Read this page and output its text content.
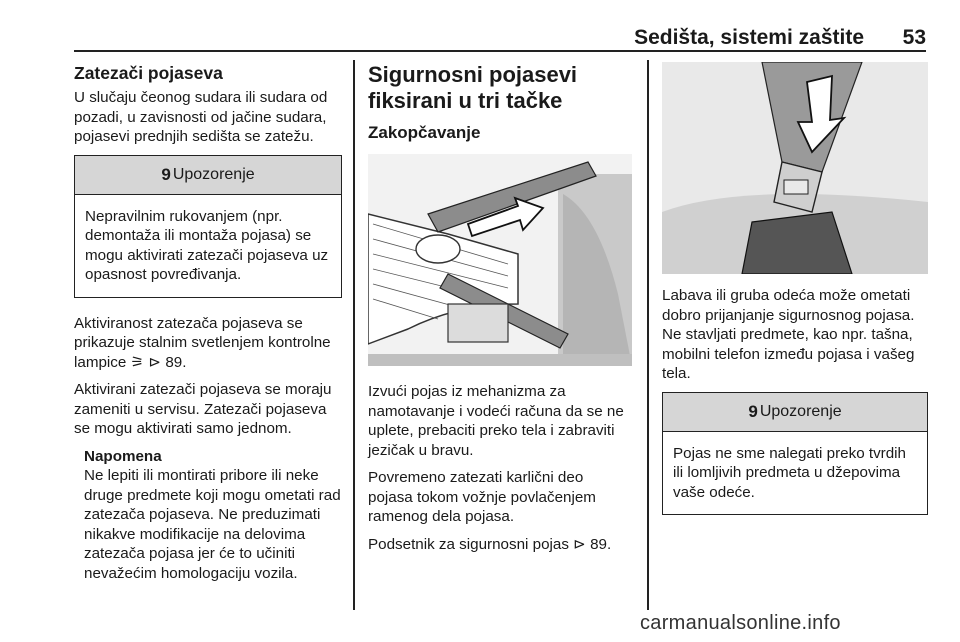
Sedišta, sistemi zaštite 53
Zatezači pojaseva

U slučaju čeonog sudara ili sudara od pozadi, u zavisnosti od jačine sudara, pojasevi prednjih sedišta se zatežu.

9 Upozorenje
Nepravilnim rukovanjem (npr. demontaža ili montaža pojasa) se mogu aktivirati zatezači pojaseva uz opasnost povređivanja.

Aktiviranost zatezača pojaseva se prikazuje stalnim svetlenjem kontrolne lampice ⚞ ⊳ 89.

Aktivirani zatezači pojaseva se moraju zameniti u servisu. Zatezači pojaseva se mogu aktivirati samo jednom.

Napomena
Ne lepiti ili montirati pribore ili neke druge predmete koji mogu ometati rad zatezača pojaseva. Ne preduzimati nikakve modifikacije na delovima zatezača pojasa jer će to učiniti nevažećim homologaciju vozila.
Sigurnosni pojasevi fiksirani u tri tačke
Zakopčavanje

Izvući pojas iz mehanizma za namotavanje i vodeći računa da se ne uplete, prebaciti preko tela i zabraviti jezičak u bravu.

Povremeno zatezati karlični deo pojasa tokom vožnje povlačenjem ramenog dela pojasa.

Podsetnik za sigurnosni pojas ⊳ 89.

Labava ili gruba odeća može ometati dobro prijanjanje sigurnosnog pojasa. Ne stavljati predmete, kao npr. tašna, mobilni telefon između pojasa i vašeg tela.

9 Upozorenje
Pojas ne sme nalegati preko tvrdih ili lomljivih predmeta u džepovima vaše odeće.
carmanualsonline.info
